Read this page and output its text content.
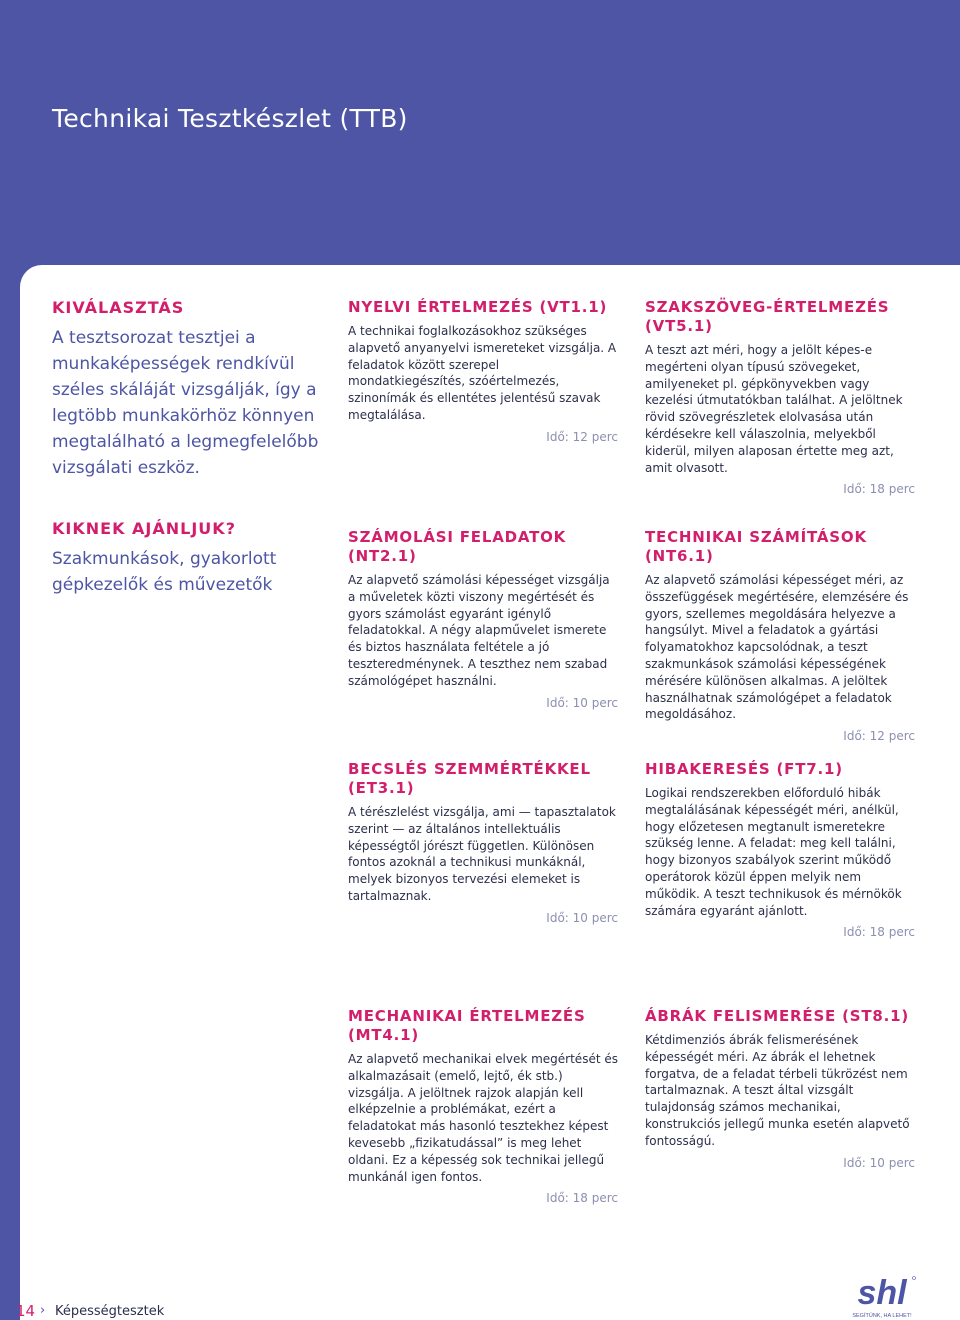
Technikai Tesztkészlet (TTB)

KIVÁLASZTÁS

A tesztsorozat tesztjei a munkaképességek rendkívül széles skáláját vizsgálják, így a legtöbb munkakörhöz könnyen megtalálható a legmegfelelőbb vizsgálati eszköz.

KIKNEK AJÁNLJUK?

Szakmunkások, gyakorlott gépkezelők és művezetők

NYELVI ÉRTELMEZÉS (VT1.1)

A technikai foglalkozásokhoz szükséges alapvető anyanyelvi ismereteket vizsgálja. A feladatok között szerepel mondatkiegészítés, szóértelmezés, szinonímák és ellentétes jelentésű szavak megtalálása.

Idő: 12 perc

SZAKSZÖVEG-ÉRTELMEZÉS (VT5.1)

A teszt azt méri, hogy a jelölt képes-e megérteni olyan típusú szövegeket, amilyeneket pl. gépkönyvekben vagy kezelési útmutatókban találhat. A jelöltnek rövid szövegrészletek elolvasása után kérdésekre kell válaszolnia, melyekből kiderül, milyen alaposan értette meg azt, amit olvasott.

Idő: 18 perc

SZÁMOLÁSI FELADATOK (NT2.1)

Az alapvető számolási képességet vizsgálja a műveletek közti viszony megértését és gyors számolást egyaránt igénylő feladatokkal. A négy alapművelet ismerete és biztos használata feltétele a jó teszteredménynek. A teszthez nem szabad számológépet használni.

Idő: 10 perc

TECHNIKAI SZÁMÍTÁSOK (NT6.1)

Az alapvető számolási képességet méri, az összefüggések megértésére, elemzésére és gyors, szellemes megoldására helyezve a hangsúlyt. Mivel a feladatok a gyártási folyamatokhoz kapcsolódnak, a teszt szakmunkások számolási képességének mérésére különösen alkalmas. A jelöltek használhatnak számológépet a feladatok megoldásához.

Idő: 12 perc

BECSLÉS SZEMMÉRTÉKKEL (ET3.1)

A térészlelést vizsgálja, ami — tapasztalatok szerint — az általános intellektuális képességtől jórészt független. Különösen fontos azoknál a technikusi munkáknál, melyek bizonyos tervezési elemeket is tartalmaznak.

Idő: 10 perc

HIBAKERESÉS (FT7.1)

Logikai rendszerekben előforduló hibák megtalálásának képességét méri, anélkül, hogy előzetesen megtanult ismeretekre szükség lenne. A feladat: meg kell találni, hogy bizonyos szabályok szerint működő operátorok közül éppen melyik nem működik. A teszt technikusok és mérnökök számára egyaránt ajánlott.

Idő: 18 perc

MECHANIKAI ÉRTELMEZÉS (MT4.1)

Az alapvető mechanikai elvek megértését és alkalmazásait (emelő, lejtő, ék stb.) vizsgálja. A jelöltnek rajzok alapján kell elképzelnie a problémákat, ezért a feladatokat más hasonló tesztekhez képest kevesebb „fizikatudással” is meg lehet oldani. Ez a képesség sok technikai jellegű munkánál igen fontos.

Idő: 18 perc

ÁBRÁK FELISMERÉSE (ST8.1)

Kétdimenziós ábrák felismerésének képességét méri. Az ábrák el lehetnek forgatva, de a feladat térbeli tükrözést nem tartalmaznak. A teszt által vizsgált tulajdonság számos mechanikai, konstrukciós jellegű munka esetén alapvető fontosságú.

Idő: 10 perc
14 › Képességtesztek	shl
SEGÍTÜNK, HA LEHET!
